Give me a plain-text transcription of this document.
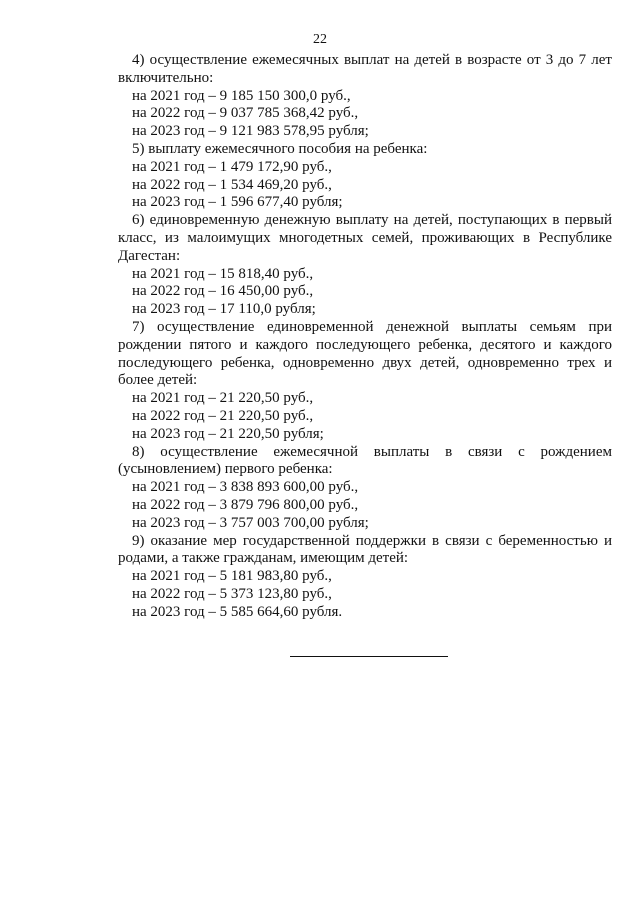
22

4) осуществление ежемесячных выплат на детей в возрасте от 3 до 7 лет включительно:

на 2021 год – 9 185 150 300,0 руб.,

на 2022 год – 9 037 785 368,42 руб.,

на 2023 год – 9 121 983 578,95 рубля;

5) выплату ежемесячного пособия на ребенка:

на 2021 год – 1 479 172,90 руб.,

на 2022 год – 1 534 469,20 руб.,

на 2023 год – 1 596 677,40 рубля;

6) единовременную денежную выплату на детей, поступающих в первый класс, из малоимущих многодетных семей, проживающих в Республике Дагестан:

на 2021 год – 15 818,40 руб.,

на 2022 год – 16 450,00 руб.,

на 2023 год – 17 110,0 рубля;

7) осуществление единовременной денежной выплаты семьям при рождении пятого и каждого последующего ребенка, десятого и каждого последующего ребенка, одновременно двух детей, одновременно трех и более детей:

на 2021 год – 21 220,50 руб.,

на 2022 год – 21 220,50 руб.,

на 2023 год – 21 220,50 рубля;

8) осуществление ежемесячной выплаты в связи с рождением (усыновлением) первого ребенка:

на 2021 год – 3 838 893 600,00 руб.,

на 2022 год – 3 879 796 800,00 руб.,

на 2023 год – 3 757 003 700,00 рубля;

9) оказание мер государственной поддержки в связи с беременностью и родами, а также гражданам, имеющим детей:

на 2021 год – 5 181 983,80 руб.,

на 2022 год – 5 373 123,80 руб.,

на 2023 год – 5 585 664,60 рубля.
